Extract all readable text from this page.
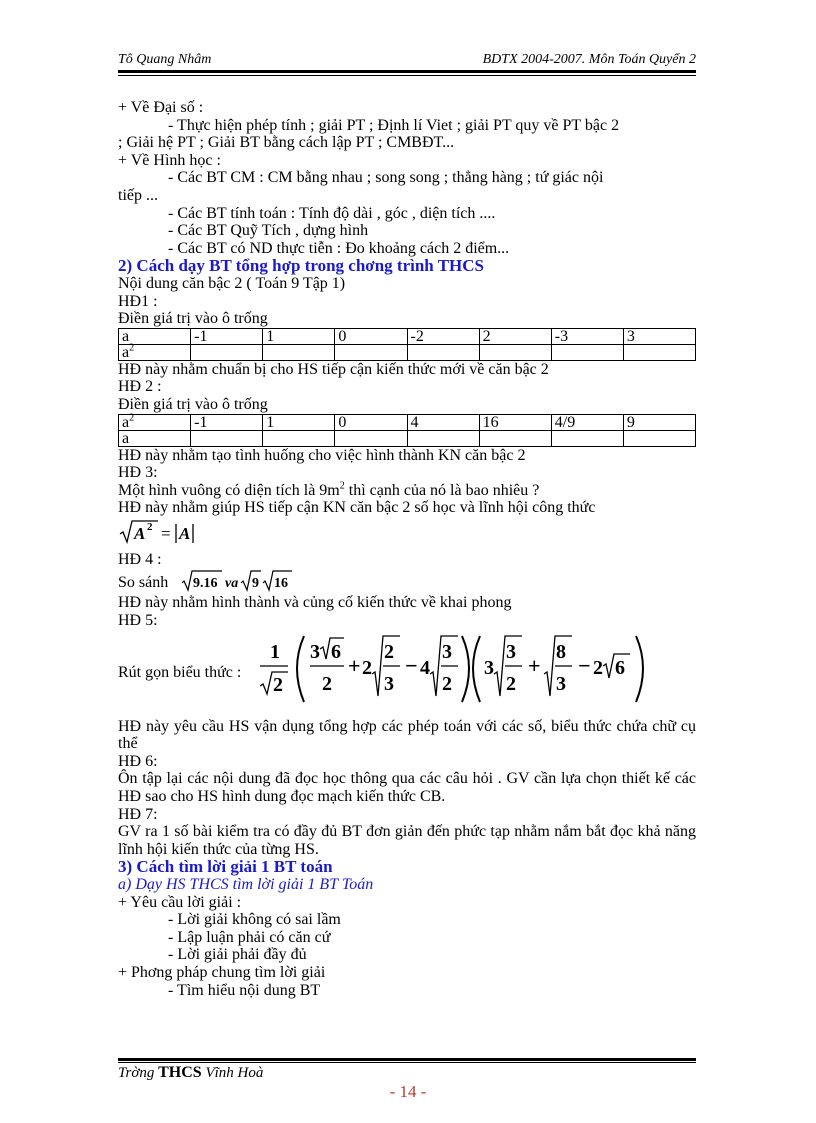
Tô Quang Nhâm	BDTX 2004-2007. Môn Toán Quyển 2

+ Về Đại số :

- Thực hiện phép tính ; giải PT ; Định lí Viet ; giải PT quy về PT bậc 2

; Giải hệ PT ; Giải BT bằng cách lập PT ; CMBĐT...

+ Về Hình học :

- Các BT CM : CM bằng nhau ; song song ; thẳng hàng ; tứ giác nội

tiếp ...

- Các BT tính toán : Tính độ dài , góc , diện tích ....

- Các BT Quỹ Tích , dựng hình

- Các BT có ND thực tiễn : Đo khoảng cách 2 điểm...

2) Cách dạy BT tổng hợp trong chơng trình THCS

Nội dung căn bậc 2 ( Toán 9 Tập 1)

HĐ1 :

Điền giá trị vào ô trống

a	-1	1	0	-2	2	-3	3
$a^2$							

HĐ này nhằm chuẩn bị cho HS tiếp cận kiến thức mới về căn bậc 2

HĐ 2 :

Điền giá trị vào ô trống

$a^2$	-1	1	0	4	16	4/9	9
a							

HĐ này nhằm tạo tình huống cho việc hình thành KN căn bậc 2

HĐ 3:

Một hình vuông có diện tích là $9m^2$ thì cạnh của nó là bao nhiêu ?

HĐ này nhằm giúp HS tiếp cận KN căn bậc 2 số học và lĩnh hội công thức

A 2 = A

HĐ 4 :

So sánh 9.16 va 9 16

HĐ này nhằm hình thành và củng cố kiến thức về khai phong

HĐ 5:

Rút gọn biểu thức :
1
2
3 6
2
+ 2
2
3
− 4
3
2
3
3
2
+
8
3
− 2 6

HĐ này yêu cầu HS vận dụng tổng hợp các phép toán với các số, biểu thức chứa chữ cụ thể

HĐ 6:

Ôn tập lại các nội dung đã đọc học thông qua các câu hỏi . GV cần lựa chọn thiết kế các HĐ sao cho HS hình dung đọc mạch kiến thức CB.

HĐ 7:

GV ra 1 số bài kiểm tra có đầy đủ BT đơn giản đến phức tạp nhằm nắm bắt đọc khả năng lĩnh hội kiến thức của từng HS.

3) Cách tìm lời giải 1 BT toán

a) Dạy HS THCS tìm lời giải 1 BT Toán

+ Yêu cầu lời giải :

- Lời giải không có sai lầm

- Lập luận phải có căn cứ

- Lời giải phải đầy đủ

+ Phơng pháp chung tìm lời giải

- Tìm hiểu nội dung BT

Trờng THCS Vĩnh Hoà
- 14 -
